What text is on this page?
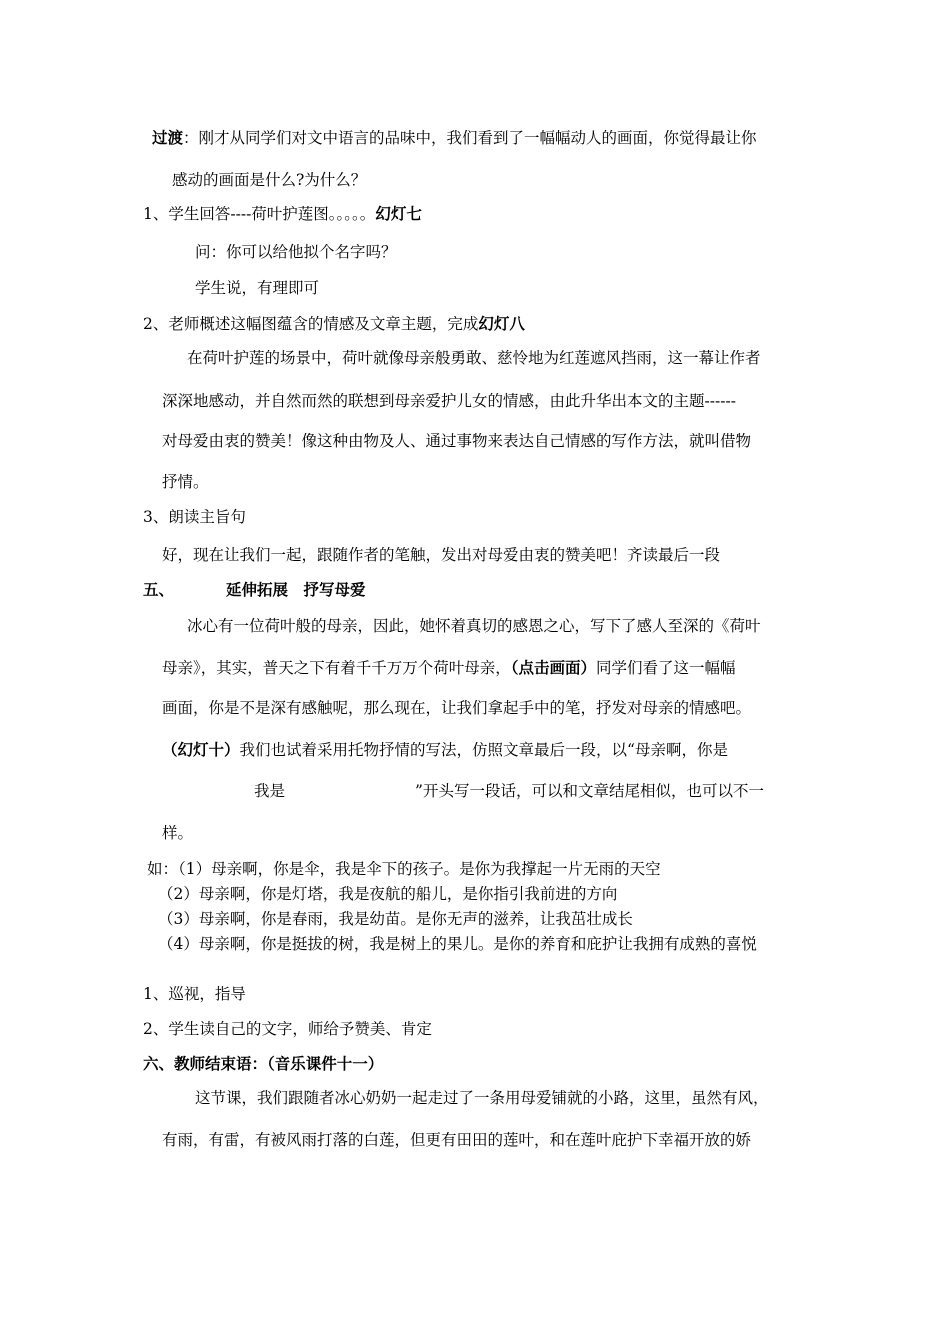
过渡：刚才从同学们对文中语言的品味中，我们看到了一幅幅动人的画面，你觉得最让你
感动的画面是什么?为什么？
1、学生回答----荷叶护莲图。。。。。幻灯七
问：你可以给他拟个名字吗？
学生说，有理即可
2、老师概述这幅图蕴含的情感及文章主题，完成幻灯八
在荷叶护莲的场景中，荷叶就像母亲般勇敢、慈怜地为红莲遮风挡雨，这一幕让作者
深深地感动，并自然而然的联想到母亲爱护儿女的情感，由此升华出本文的主题------
对母爱由衷的赞美！像这种由物及人、通过事物来表达自己情感的写作方法，就叫借物
抒情。
3、朗读主旨句
好，现在让我们一起，跟随作者的笔触，发出对母爱由衷的赞美吧！齐读最后一段
五、	延伸拓展　抒写母爱
冰心有一位荷叶般的母亲，因此，她怀着真切的感恩之心，写下了感人至深的《荷叶
母亲》，其实，普天之下有着千千万万个荷叶母亲，（点击画面）同学们看了这一幅幅
画面，你是不是深有感触呢，那么现在，让我们拿起手中的笔，抒发对母亲的情感吧。
（幻灯十）我们也试着采用托物抒情的写法，仿照文章最后一段，以“母亲啊，你是
我是	”开头写一段话，可以和文章结尾相似，也可以不一
样。
如：（1）母亲啊，你是伞，我是伞下的孩子。是你为我撑起一片无雨的天空
（2）母亲啊，你是灯塔，我是夜航的船儿，是你指引我前进的方向
（3）母亲啊，你是春雨，我是幼苗。是你无声的滋养，让我茁壮成长
（4）母亲啊，你是挺拔的树，我是树上的果儿。是你的养育和庇护让我拥有成熟的喜悦
1、巡视，指导
2、学生读自己的文字，师给予赞美、肯定
六、教师结束语：（音乐课件十一）
这节课，我们跟随者冰心奶奶一起走过了一条用母爱铺就的小路，这里，虽然有风，
有雨，有雷，有被风雨打落的白莲，但更有田田的莲叶，和在莲叶庇护下幸福开放的娇
